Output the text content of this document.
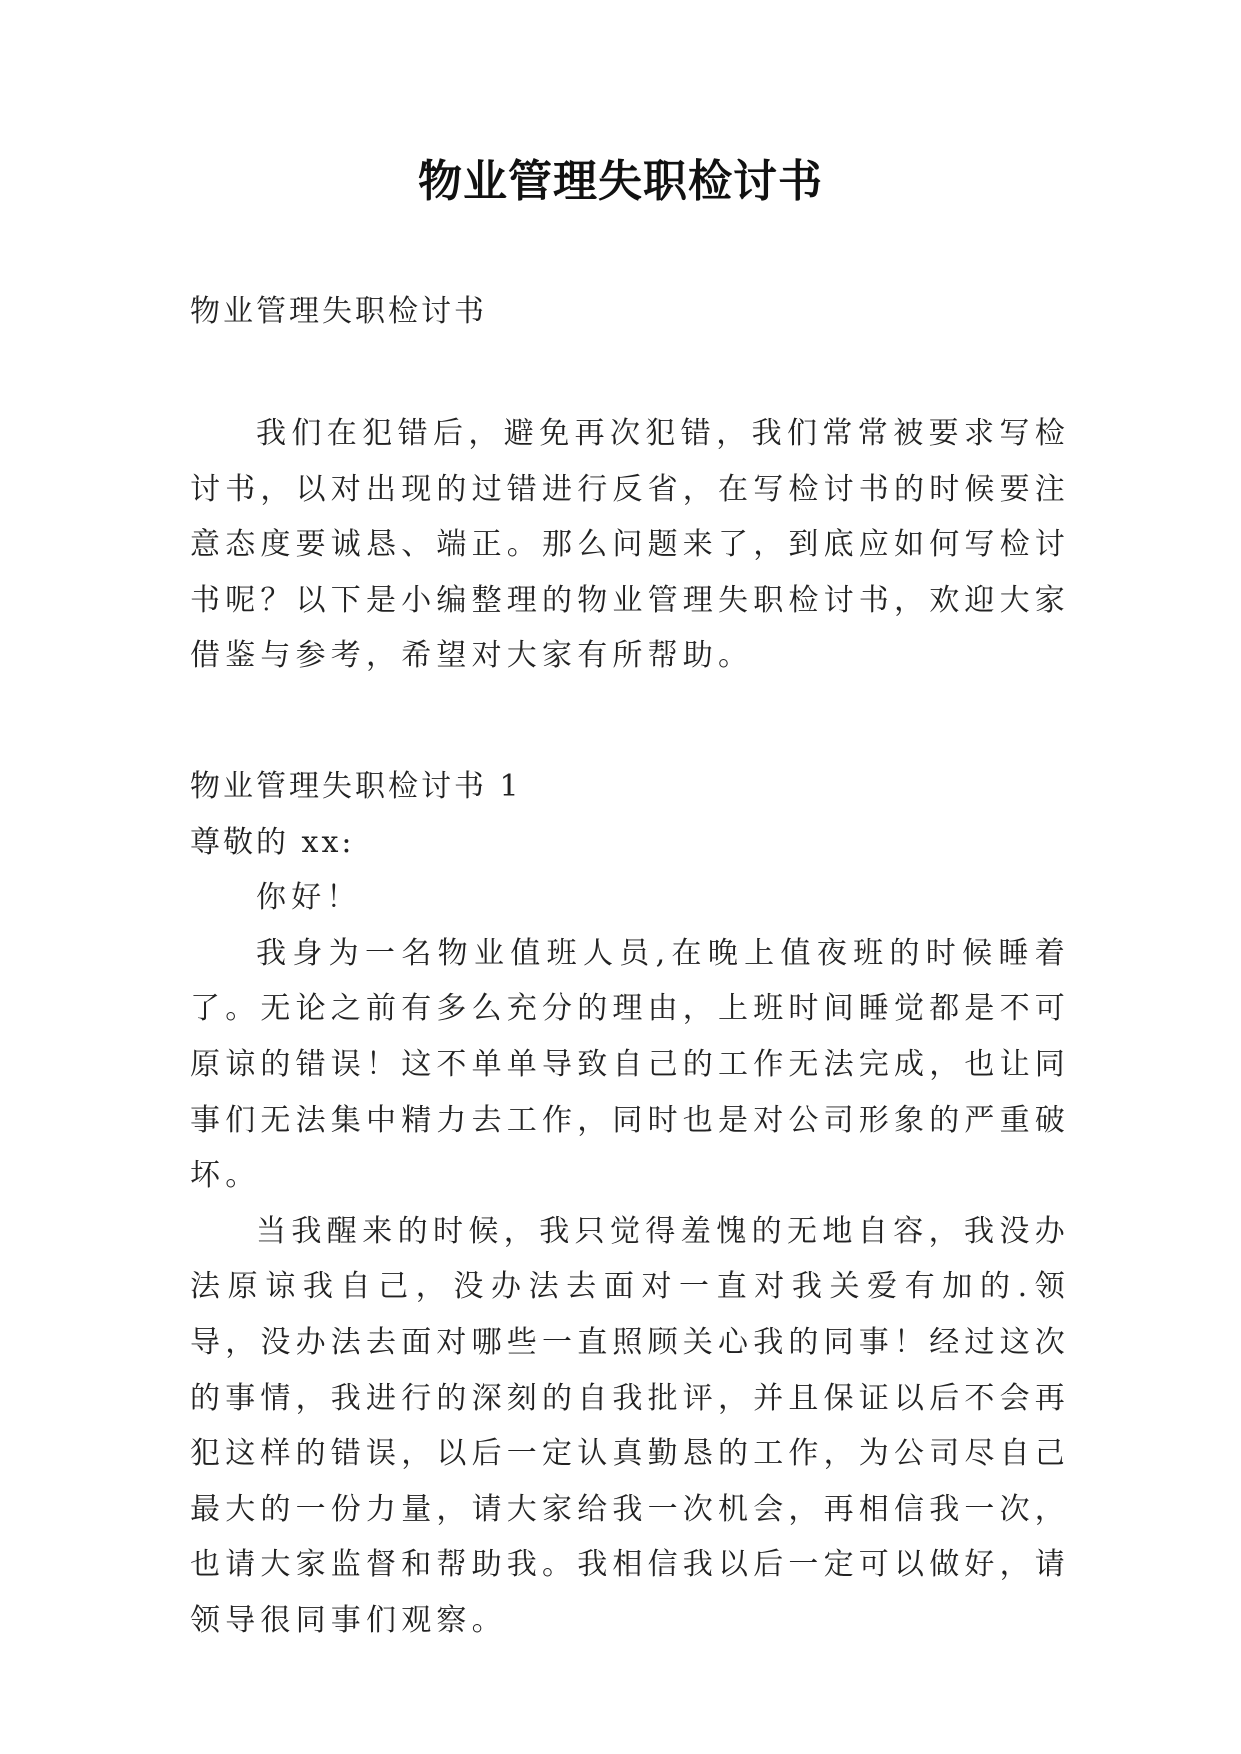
物业管理失职检讨书
物业管理失职检讨书
我们在犯错后，避免再次犯错，我们常常被要求写检讨书，以对出现的过错进行反省，在写检讨书的时候要注意态度要诚恳、端正。那么问题来了，到底应如何写检讨书呢？以下是小编整理的物业管理失职检讨书，欢迎大家借鉴与参考，希望对大家有所帮助。

物业管理失职检讨书 1

尊敬的 xx:

你好！

我身为一名物业值班人员,在晚上值夜班的时候睡着了。无论之前有多么充分的理由，上班时间睡觉都是不可原谅的错误！这不单单导致自己的工作无法完成，也让同事们无法集中精力去工作，同时也是对公司形象的严重破坏。

当我醒来的时候，我只觉得羞愧的无地自容，我没办法原谅我自己，没办法去面对一直对我关爱有加的.领导，没办法去面对哪些一直照顾关心我的同事！经过这次的事情，我进行的深刻的自我批评，并且保证以后不会再犯这样的错误，以后一定认真勤恳的工作，为公司尽自己最大的一份力量，请大家给我一次机会，再相信我一次，也请大家监督和帮助我。我相信我以后一定可以做好，请领导很同事们观察。
